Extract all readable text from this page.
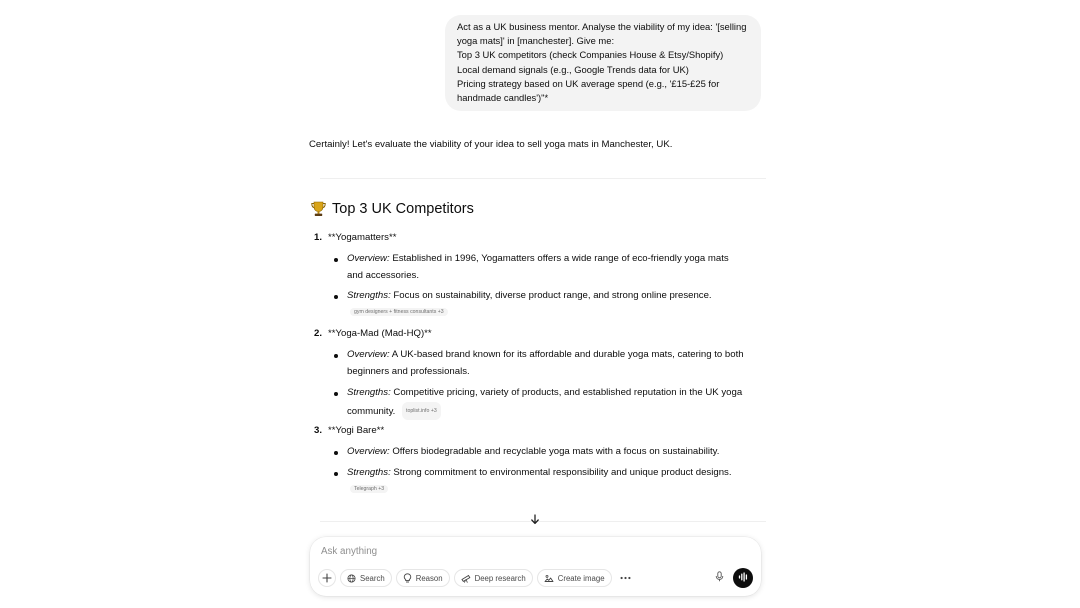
Act as a UK business mentor. Analyse the viability of my idea: '[selling
yoga mats]' in [manchester]. Give me:
Top 3 UK competitors (check Companies House & Etsy/Shopify)
Local demand signals (e.g., Google Trends data for UK)
Pricing strategy based on UK average spend (e.g., '£15-£25 for
handmade candles')"*
Certainly! Let's evaluate the viability of your idea to sell yoga mats in Manchester, UK.
Top 3 UK Competitors
1. **Yogamatters**
Overview: Established in 1996, Yogamatters offers a wide range of eco-friendly yoga mats and accessories.
Strengths: Focus on sustainability, diverse product range, and strong online presence.
gym designers + fitness consultants +3
2. **Yoga-Mad (Mad-HQ)**
Overview: A UK-based brand known for its affordable and durable yoga mats, catering to both beginners and professionals.
Strengths: Competitive pricing, variety of products, and established reputation in the UK yoga community. toplist.info +3
3. **Yogi Bare**
Overview: Offers biodegradable and recyclable yoga mats with a focus on sustainability.
Strengths: Strong commitment to environmental responsibility and unique product designs.
Telegraph +3
Ask anything
Search	Reason	Deep research	Create image
